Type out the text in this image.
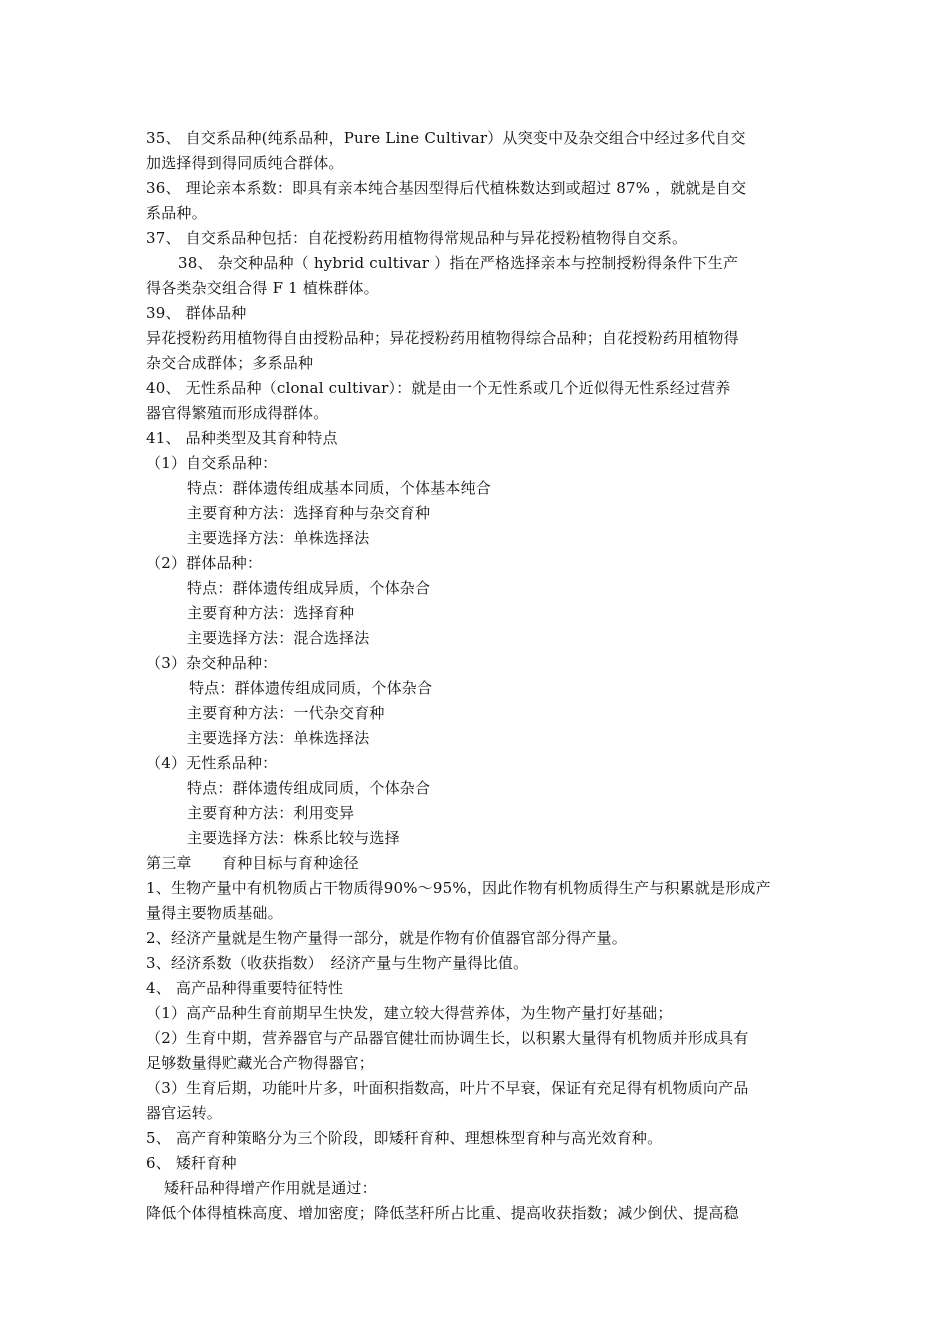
35、 自交系品种(纯系品种，Pure Line Cultivar）从突变中及杂交组合中经过多代自交
加选择得到得同质纯合群体。
36、 理论亲本系数：即具有亲本纯合基因型得后代植株数达到或超过 87% ，就就是自交
系品种。
37、 自交系品种包括：自花授粉药用植物得常规品种与异花授粉植物得自交系。
38、 杂交种品种（ hybrid cultivar ）指在严格选择亲本与控制授粉得条件下生产
得各类杂交组合得 F 1 植株群体。
39、 群体品种
异花授粉药用植物得自由授粉品种；异花授粉药用植物得综合品种；自花授粉药用植物得
杂交合成群体；多系品种
40、 无性系品种（clonal cultivar）：就是由一个无性系或几个近似得无性系经过营养
器官得繁殖而形成得群体。
41、 品种类型及其育种特点
（1）自交系品种：
特点：群体遗传组成基本同质，个体基本纯合
主要育种方法：选择育种与杂交育种
主要选择方法：单株选择法
（2）群体品种：
特点：群体遗传组成异质，个体杂合
主要育种方法：选择育种
主要选择方法：混合选择法
（3）杂交种品种：
特点：群体遗传组成同质，个体杂合
主要育种方法：一代杂交育种
主要选择方法：单株选择法
（4）无性系品种：
特点：群体遗传组成同质，个体杂合
主要育种方法：利用变异
主要选择方法：株系比较与选择
第三章　　育种目标与育种途径
1、生物产量中有机物质占干物质得90%～95%，因此作物有机物质得生产与积累就是形成产
量得主要物质基础。
2、经济产量就是生物产量得一部分，就是作物有价值器官部分得产量。
3、经济系数（收获指数）　经济产量与生物产量得比值。
4、 高产品种得重要特征特性
（1）高产品种生育前期早生快发，建立较大得营养体，为生物产量打好基础；
（2）生育中期，营养器官与产品器官健壮而协调生长，以积累大量得有机物质并形成具有
足够数量得贮藏光合产物得器官；
（3）生育后期，功能叶片多，叶面积指数高，叶片不早衰，保证有充足得有机物质向产品
器官运转。
5、 高产育种策略分为三个阶段，即矮秆育种、理想株型育种与高光效育种。
6、 矮秆育种
矮秆品种得增产作用就是通过：
降低个体得植株高度、增加密度；降低茎秆所占比重、提高收获指数；减少倒伏、提高稳
